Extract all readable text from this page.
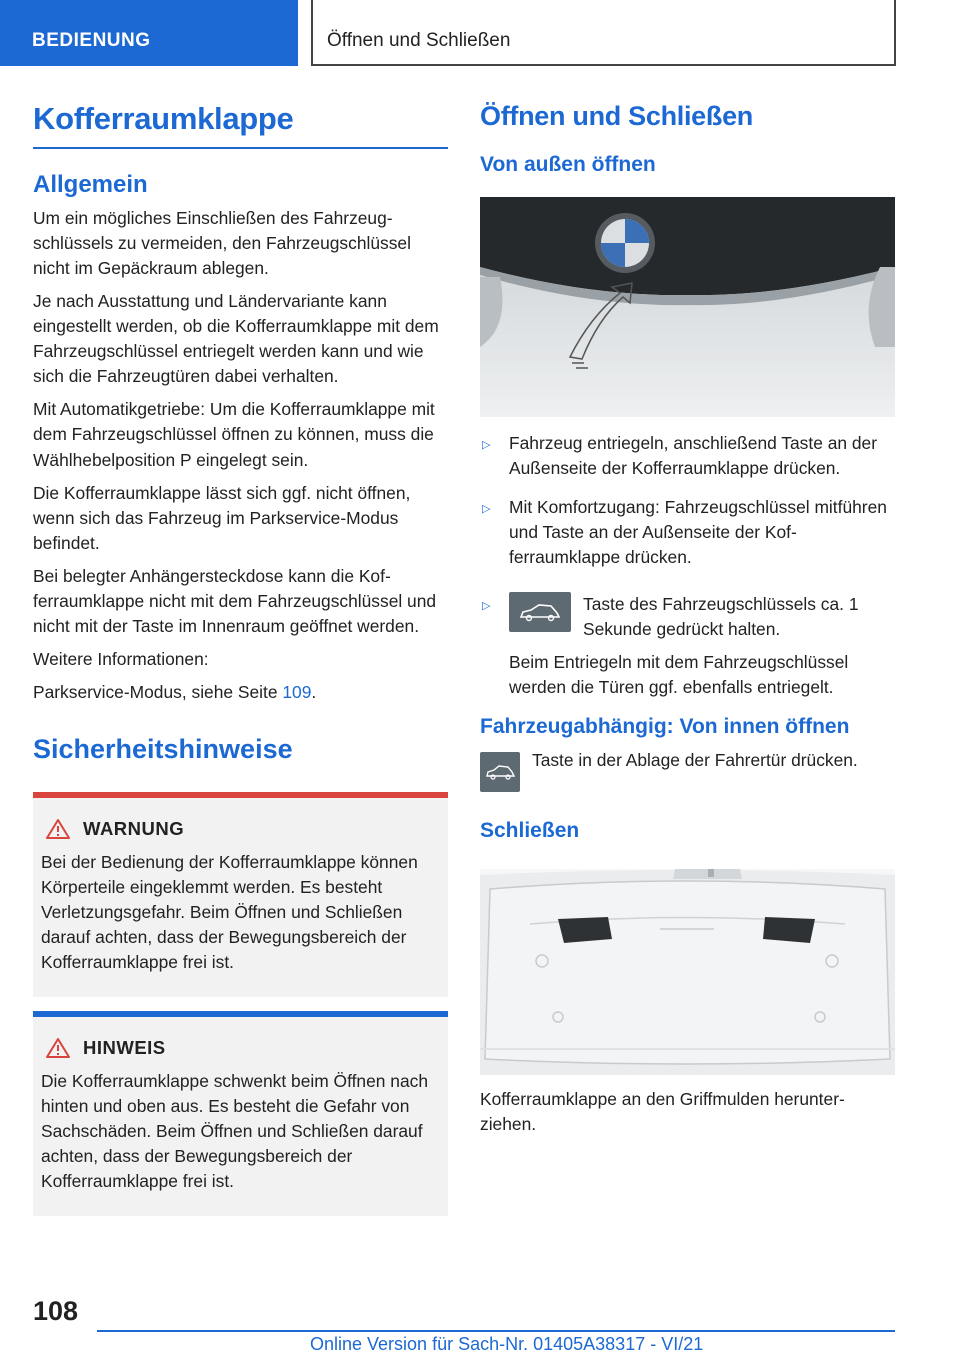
BEDIENUNG	Öffnen und Schließen
Kofferraumklappe
Allgemein

Um ein mögliches Einschließen des Fahrzeugschlüssels zu vermeiden, den Fahrzeugschlüssel nicht im Gepäckraum ablegen.

Je nach Ausstattung und Ländervariante kann eingestellt werden, ob die Kofferraumklappe mit dem Fahrzeugschlüssel entriegelt werden kann und wie sich die Fahrzeugtüren dabei verhalten.

Mit Automatikgetriebe: Um die Kofferraumklappe mit dem Fahrzeugschlüssel öffnen zu können, muss die Wählhebelposition P eingelegt sein.

Die Kofferraumklappe lässt sich ggf. nicht öffnen, wenn sich das Fahrzeug im Parkservice-Modus befindet.

Bei belegter Anhängersteckdose kann die Kofferraumklappe nicht mit dem Fahrzeugschlüssel und nicht mit der Taste im Innenraum geöffnet werden.

Weitere Informationen:

Parkservice-Modus, siehe Seite 109.

Sicherheitshinweise
WARNUNG

Bei der Bedienung der Kofferraumklappe können Körperteile eingeklemmt werden. Es besteht Verletzungsgefahr. Beim Öffnen und Schließen darauf achten, dass der Bewegungsbereich der Kofferraumklappe frei ist.

HINWEIS

Die Kofferraumklappe schwenkt beim Öffnen nach hinten und oben aus. Es besteht die Gefahr von Sachschäden. Beim Öffnen und Schließen darauf achten, dass der Bewegungsbereich der Kofferraumklappe frei ist.

Öffnen und Schließen
Von außen öffnen
▷ Fahrzeug entriegeln, anschließend Taste an der Außenseite der Kofferraumklappe drücken.

▷ Mit Komfortzugang: Fahrzeugschlüssel mitführen und Taste an der Außenseite der Kofferraumklappe drücken.

▷	Taste des Fahrzeugschlüssels ca. 1 Sekunde gedrückt halten.

Beim Entriegeln mit dem Fahrzeugschlüssel werden die Türen ggf. ebenfalls entriegelt.

Fahrzeugabhängig: Von innen öffnen

Taste in der Ablage der Fahrertür drücken.

Schließen

Kofferraumklappe an den Griffmulden herunterziehen.

108
Online Version für Sach-Nr. 01405A38317 - VI/21
